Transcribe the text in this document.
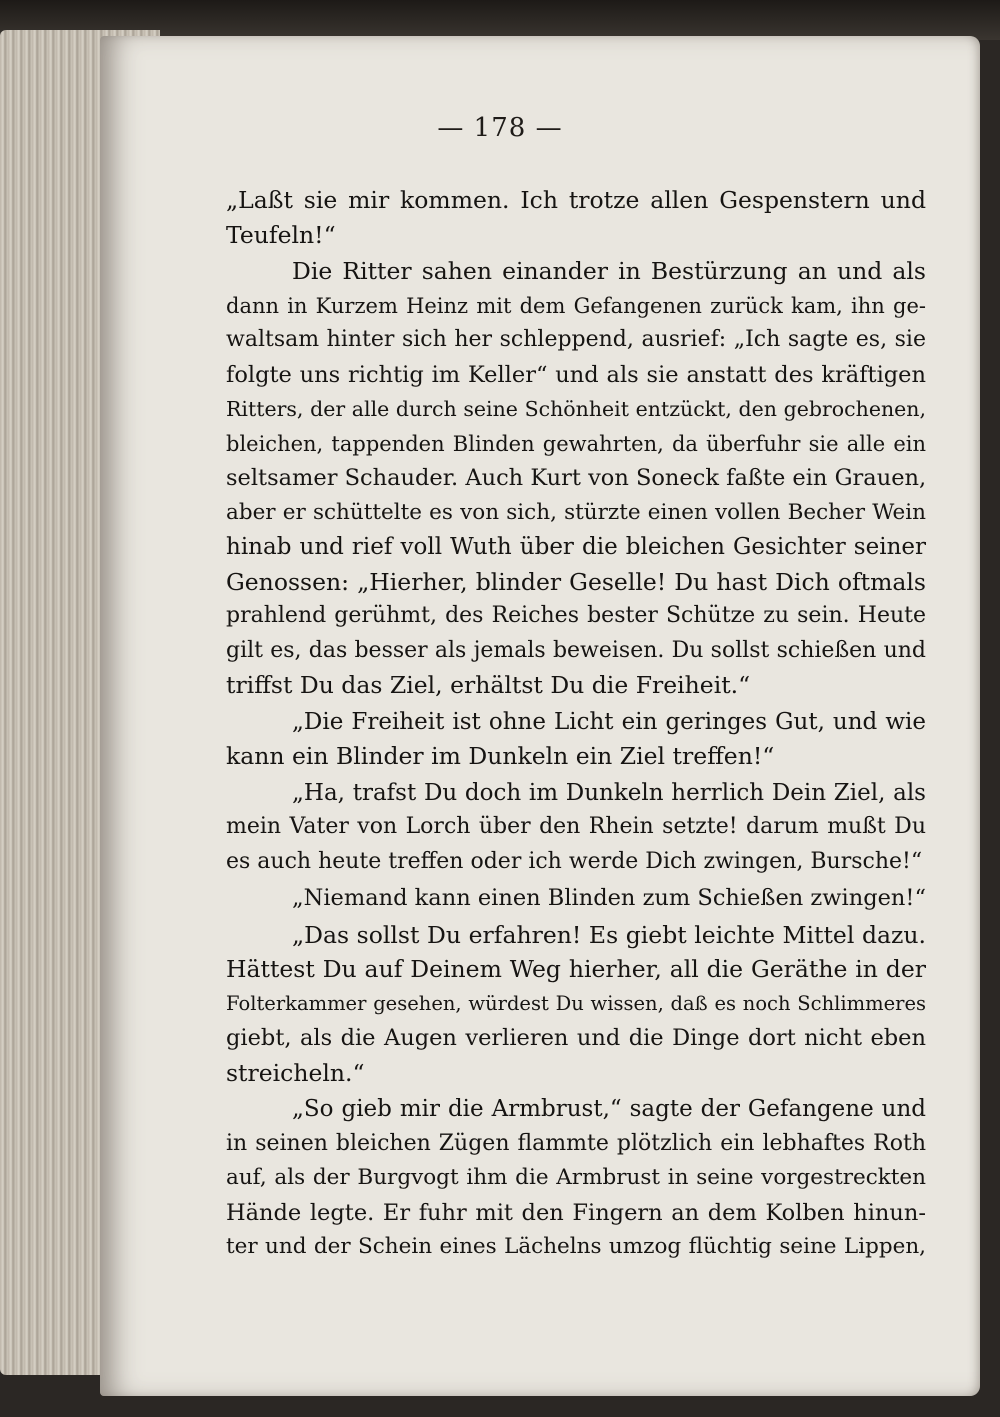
— 178 —
„Laßt sie mir kommen. Ich trotze allen Gespenstern und
Teufeln!“
Die Ritter sahen einander in Bestürzung an und als
dann in Kurzem Heinz mit dem Gefangenen zurück kam, ihn ge-
waltsam hinter sich her schleppend, ausrief: „Ich sagte es, sie
folgte uns richtig im Keller“ und als sie anstatt des kräftigen
Ritters, der alle durch seine Schönheit entzückt, den gebrochenen,
bleichen, tappenden Blinden gewahrten, da überfuhr sie alle ein
seltsamer Schauder. Auch Kurt von Soneck faßte ein Grauen,
aber er schüttelte es von sich, stürzte einen vollen Becher Wein
hinab und rief voll Wuth über die bleichen Gesichter seiner
Genossen: „Hierher, blinder Geselle! Du hast Dich oftmals
prahlend gerühmt, des Reiches bester Schütze zu sein. Heute
gilt es, das besser als jemals beweisen. Du sollst schießen und
triffst Du das Ziel, erhältst Du die Freiheit.“
„Die Freiheit ist ohne Licht ein geringes Gut, und wie
kann ein Blinder im Dunkeln ein Ziel treffen!“
„Ha, trafst Du doch im Dunkeln herrlich Dein Ziel, als
mein Vater von Lorch über den Rhein setzte! darum mußt Du
es auch heute treffen oder ich werde Dich zwingen, Bursche!“
„Niemand kann einen Blinden zum Schießen zwingen!“
„Das sollst Du erfahren! Es giebt leichte Mittel dazu.
Hättest Du auf Deinem Weg hierher, all die Geräthe in der
Folterkammer gesehen, würdest Du wissen, daß es noch Schlimmeres
giebt, als die Augen verlieren und die Dinge dort nicht eben
streicheln.“
„So gieb mir die Armbrust,“ sagte der Gefangene und
in seinen bleichen Zügen flammte plötzlich ein lebhaftes Roth
auf, als der Burgvogt ihm die Armbrust in seine vorgestreckten
Hände legte. Er fuhr mit den Fingern an dem Kolben hinun-
ter und der Schein eines Lächelns umzog flüchtig seine Lippen,
